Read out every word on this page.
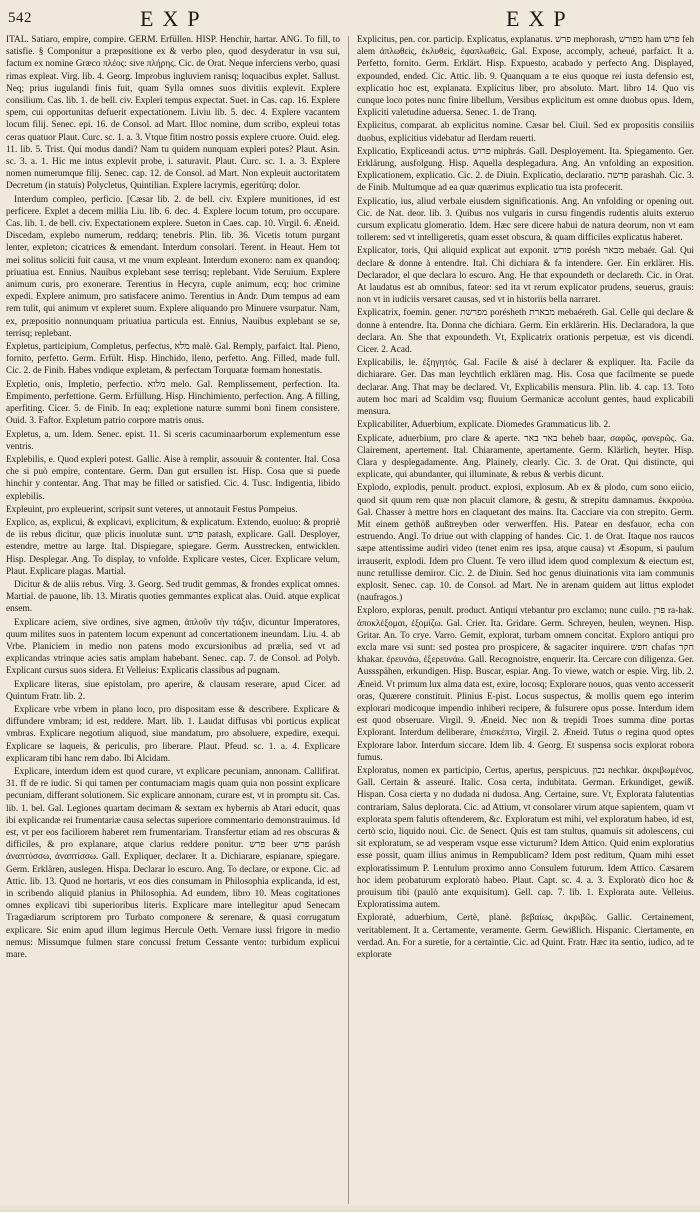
542	EXP	EXP

ITAL. Satiaro, empire, compire. GERM. Erfüllen. HISP. Henchir, hartar. ANG. To fill, to satisfie. § Componitur a præpositione ex & verbo pleo, quod desyderatur in vsu sui, factum ex nomine Græco πλέος: sive πλήρης. Cic. de Orat. Neque inferciens verbo, quasi rimas expleat. Virg. lib. 4. Georg. Improbus ingluviem ranisq; loquacibus explet. Sallust. Neq; prius iugulandi finis fuit, quam Sylla omnes suos divitiis explevit. Explere consilium. Cas. lib. 1. de bell. civ. Expleri tempus expectat. Suet. in Cas. cap. 16. Explere spem, cui opportunitas defuerit expectationem. Liviu lib. 5. dec. 4. Explere vacantem locum filij. Senec. epi. 16. de Consol. ad Mart. Illoc nomine, dum scribo, expleui totas ceras quatuor Plaut. Curc. sc. 1. a. 3. Vtque fitim nostro possis explere cruore. Ouid. eleg. 11. lib. 5. Trist. Qui modus dandi? Nam tu quidem nunquam expleri potes? Plaut. Asin. sc. 3. a. 1. Hic me intus explevit probe, i. saturavit. Plaut. Curc. sc. 1. a. 3. Explere nomen numerumque filij. Senec. cap. 12. de Consol. ad Mart. Non expleuit auctoritatem Decretum (in statuis) Polycletus, Quintilian. Explere lacrymis, egeritürq; dolor.

Interdum compleo, perficio. [Cæsar lib. 2. de bell. civ. Explere munitiones, id est perficere. Explet a decem millia Liu. lib. 6. dec. 4. Explere locum totum, pro occupare. Cas. lib. 1. de bell. civ. Expectationem explere. Sueton in Caes. cap. 10. Virgil. 6. Æneid. Discedam, explebo numerum, reddarq; tenebris. Plin. lib. 36. Vicetis totum purgant lenter, expleton; cicatrices & emendant. Interdum consolari. Terent. in Heaut. Hem tot mei solitus soliciti fuit causa, vt me vnum expleant. Interdum exonero: nam ex quandoq; priuatiua est. Ennius. Nauibus explebant sese terrisq; replebant. Vide Seruium. Explere animum curis, pro exonerare. Terentius in Hecyra, cuple animum, ecq; hoc crimine expedi. Explere animum, pro satisfacere animo. Terentius in Andr. Dum tempus ad eam rem tulit, qui animum vt expleret suum. Explere aliquando pro Minuere vsurpatur. Nam, ex, præpositio nonnunquam priuatiua particula est. Ennius, Nauibus explebant se se, terrisq; replebant.

Expletus, participium, Completus, perfectus, מלא malè. Gal. Remply, parfaict. Ital. Pieno, fornito, perfetto. Germ. Erfült. Hisp. Hinchido, lleno, perfetto. Ang. Filled, made full. Cic. 2. de Finib. Habes vndique expletam, & perfectam Torquatæ formam honestatis.

Expletio, onis, Impletio, perfectio. מלוא melo. Gal. Remplissement, perfection. Ita. Empimento, perfettione. Germ. Erfüllung. Hisp. Hinchimiento, perfection. Ang. A filling, aperfiting. Cicer. 5. de Finib. In eaq; expletione naturæ summi boni finem consistere. Ouid. 3. Faftor. Expletum patrio corpore matris onus.

Expletus, a, um. Idem. Senec. epist. 11. Si sceris cacuminaarborum explementum esse ventris.

Explebilis, e. Quod expleri potest. Gallic. Aise à remplir, assouuir & contenter. Ital. Cosa che si può empire, contentare. Germ. Dan gut ersullen ist. Hisp. Cosa que si puede hinchir y contentar. Ang. That may be filled or satisfied. Cic. 4. Tusc. Indigentia, libido explebilis.

Expleuint, pro expleuerint, scripsit sunt veteres, ut annotauit Festus Pompeius.

Explico, as, explicui, & explicavi, explicitum, & explicatum. Extendo, euoluo: & propriè de iis rebus dicitur, quæ plicis inuolutæ sunt. פרש patash, explicare. Gall. Desployer, estendre, mettre au large. Ital. Dispiegare, spiegare. Germ. Ausstrecken, entwicklen. Hisp. Desplegar. Ang. To display, to vnfolde. Explicare vestes, Cicer. Explicare velum, Plaut. Explicare plagas. Martial.

Dicitur & de aliis rebus. Virg. 3. Georg. Sed trudit gemmas, & frondes explicat omnes. Martial. de pauone, lib. 13. Miratis quoties gemmantes explicat alas. Ouid. atque explicat ensem.

Explicare aciem, sive ordines, sive agmen, ἀπλοῦν τὴν τάξιν, dicuntur Imperatores, quum milites suos in patentem locum expenunt ad concertationem ineundam. Liu. 4. ab Vrbe. Planiciem in medio non patens modo excursionibus ad prælia, sed vt ad explicandas vtrinque acies satis amplam habebant. Senec. cap. 7. de Consol. ad Polyb. Explicant cursus suos sidera. Et Velleius: Explicatis classibus ad pugnam.

Explicare literas, siue epistolam, pro aperire, & clausam reserare, apud Cicer. ad Quintum Fratr. lib. 2.

Explicare vrbe vrbem in plano loco, pro dispositam esse & describere. Explicare & diffundere vmbram; id est, reddere. Mart. lib. 1. Laudat diffusas vbi porticus explicat vmbras. Explicare negotium aliquod, siue mandatum, pro absoluere, expedire, exequi. Explicare se laqueis, & periculis, pro liberare. Plaut. Pfeud. sc. 1. a. 4. Explicare explicaram tibi hanc rem dabo. Ibi Alcidam.

Explicare, interdum idem est quod curare, vt explicare pecuniam, annonam. Callifirat. 31. ff de re iudic. Si qui tamen per contumaciam magis quam quia non possint explicare pecuniam, differant solutionem. Sic explicare annonam, curare est, vt in promptu sit. Cas. lib. 1. bel. Gal. Legiones quartam decimam & sextam ex hybernis ab Atari educit, quas ibi explicandæ rei frumentariæ causa selectas superiore commentario demonstrauimus. Id est, vt per eos faciliorem haberet rem frumentariam. Transfertur etiam ad res obscuras & difficiles, & pro explanare, atque clarius reddere ponitur. פרש beer פרש parásh ἀναπτύσσω, ἀναπτίσσω. Gall. Expliquer, declarer. It a. Dichiarare, espianare, spiegare. Germ. Erklären, auslegen. Hispa. Declarar lo escuro. Ang. To declare, or expone. Cic. ad Attic. lib. 13. Quod ne hortaris, vt eos dies consumam in Philosophia explicanda, id est, in scribendo aliquid planius in Philosophia. Ad eundem, libro 10. Meas cogitationes omnes explicavi tibi superioribus literis. Explicare mare intellegitur apud Senecam Tragædiarum scriptorem pro Turbato componere & serenare, & quasi corrugatum explicare. Sic enim apud illum legimus Hercule Oeth. Vernare iussi frigore in medio nemus: Missumque fulmen stare concussi fretum Cessante vento: turbidum explicui mare.

Explicitus, pen. cor. particip. Explicatus, explanatus. פרש mephorash, מפורש ham פרש feh alem ἀπλωθεὶς, ἐκλυθεὶς, ἐφαπλωθεὶς. Gal. Expose, accomply, acheué, parfaict. It a. Perfetto, fornito. Germ. Erklärt. Hisp. Expuesto, acabado y perfecto Ang. Displayed, expounded, ended. Cic. Attic. lib. 9. Quanquam a te eius quoque rei iusta defensio est, explicatio hoc est, explanata. Explicitus liber, pro absoluto. Mart. libro 14. Quo vis cunque loco potes nunc finire libellum, Versibus explicitum est omne duobus opus. Idem, Expliciti valetudine aduersa. Senec. 1. de Tranq.

Explicitus, comparat. ab explicitus nomine. Cæsar bel. Ciuil. Sed ex propositis consiliis duobus, explicitius videbatur ad Ilerdam reuerti.

Explicatio, Expliceandi actus. פרוש miphrás. Gall. Desployement. Ita. Spiegamento. Ger. Erklärung, ausfolgung. Hisp. Aquella desplegadura. Ang. An vnfolding an exposition. Explicationem, explicatio. Cic. 2. de Diuin. Explicatio, declaratio. פרשה parashah. Cic. 3. de Finib. Multumque ad ea quæ quærimus explicatio tua ista profecerit.

Explicatio, ius, aliud verbale eiusdem significationis. Ang. An vnfolding or opening out. Cic. de Nat. deor. lib. 3. Quibus nos vulgaris in cursu fingendis rudentis aluits exteruo cursum explicatu glomeratio. Idem. Hæc sere dicere habui de natura deorum, non vt eam tollerem: sed vt intelligeretis, quam esset obscura, & quam difficiles explicatus haberet.

Explicator, toris, Qui aliquid explicat aut exponit. פורש porésh מבאר mebaér. Gal. Qui declare & donne à entendre. Ital. Chi dichiara & fa intendere. Ger. Ein erklärer. His. Declarador, el que declara lo escuro. Ang. He that expoundeth or declareth. Cic. in Orat. At laudatus est ab omnibus, fateor: sed ita vt rerum explicator prudens, seuerus, grauis: non vt in iudiciis versaret causas, sed vt in historiis bella narraret.

Explicatrix, foemin. gener. מפרשת porésheth מבארת mebaéreth. Gal. Celle qui declare & donne à entendre. Ita. Donna che dichiara. Germ. Ein erklärerin. His. Declaradora, la que declara. An. She that expoundeth. Vt, Explicatrix orationis perpetuæ, est vis dicendi. Cicer. 2. Acad.

Explicabilis, le. ἐξηγητὸς. Gal. Facile & aisé à declarer & expliquer. Ita. Facile da dichiarare. Ger. Das man leychtlich erklären mag. His. Cosa que facilmente se puede declarar. Ang. That may be declared. Vt, Explicabilis mensura. Plin. lib. 4. cap. 13. Toto autem hoc mari ad Scaldim vsq; fluuium Germanicæ accolunt gentes, haud explicabili mensura.

Explicabiliter, Aduerbium, explicate. Diomedes Grammaticus lib. 2.

Explicate, aduerbium, pro clare & aperte. באר באר beheb baar, σαφῶς, φανερῶς. Ga. Clairement, apertement. Ital. Chiaramente, apertamente. Germ. Klärlich, heyter. Hisp. Clara y desplegadamente. Ang. Plainely, clearly. Cic. 3. de Orat. Qui distincte, qui explicate, qui abundanter, qui illuminate, & rebus & verbis dicunt.

Explodo, explodis, penult. product. explosi, explosum. Ab ex & plodo, cum sono eiicio, quod sit quum rem quæ non placuit clamore, & gestu, & strepitu damnamus. ἐκκρούω. Gal. Chasser à mettre hors en claquetant des mains. Ita. Cacciare via con strepito. Germ. Mit einem gethöß außtreyben oder verwerffen. His. Patear en desfauor, echa con estruendo. Angl. To driue out with clapping of handes. Cic. 1. de Orat. Itaque nos raucos sæpe attentissime audiri video (tenet enim res ipsa, atque causa) vt Æsopum, si paulum irrauserit, explodi. Idem pro Cluent. Te vero illud idem quod complexum & eiectum est, nunc retullisse demiror. Cic. 2. de Diuin. Sed hoc genus diuinationis vita iam communis explosit. Senec. cap. 10. de Consol. ad Mart. Ne in arenam quidem aut littus explodet (naufragos.)

Exploro, exploras, penult. product. Antiqui vtebantur pro exclamo; nunc cuilo. פרן ra-hak. ἀποκλέξομαι, ἐξομίζω. Gal. Crier. Ita. Gridare. Germ. Schreyen, heulen, weynen. Hisp. Gritar. An. To crye. Varro. Gemit, explorat, turbam omnem concitat. Exploro antiqui pro excla mare vsi sunt: sed postea pro prospicere, & sagaciter inquirere. חפש chafas חקר khakar. ἐρευνάω, ἐξερευνάω. Gall. Recognoistre, enquerir. Ita. Cercare con diligenza. Ger. Aussspähen, erkundigen. Hisp. Buscar, espiar. Ang. To viewe, watch or espie. Virg. lib. 2. Æneid. Vt primum lux alma data est, exire, locosq; Explorare nouos, quas vento accesserit oras, Quærere constituit. Plinius E-pist. Locus suspectus, & mollis quem ego interim explorari modicoque impendio inhiberi recipere, & fulsurere opus posse. Interdum idem est quod obseruare. Virgil. 9. Æneid. Nec non & trepidi Troes summa dine portas Explorant. Interdum deliberare, ἐπισκέπτω, Virgil. 2. Æneid. Tutus o regina quod optes Explorare labor. Interdum siccare. Idem lib. 4. Georg. Et suspensa socis explorat robora fumus.

Exploratus, nomen ex participio, Certus, apertus, perspicuus. נכון nechkar. ἀκριβωμένος. Gall. Certain & asseuré. Italic. Cosa certa, indubitata. German. Erkundiget, gewiß. Hispan. Cosa cierta y no dudada ni dudosa. Ang. Certaine, sure. Vt, Explorata falutentias contrariam, Salus deplorata. Cic. ad Attium, vt consolarer virum atque sapientem, quam vt explorata spem falutis oftenderem, &c. Exploratum est mihi, vel exploratum habeo, id est, certò scio, liquido noui. Cic. de Senect. Quis est tam stultus, quamuis sit adolescens, cui sit exploratum, se ad vesperam vsque esse victurum? Idem Attico. Quid enim exploratius esse possit, quam illius animus in Rempublicam? Idem post reditum, Quam mihi esset exploratissimum P. Lentulum proximo anno Consulem futurum. Idem Attico. Cæsarem hoc idem probaturum exploratò habeo. Plaut. Capt. sc. 4. a. 3. Exploratò dico hoc & prouisum tibi (paulò ante exquisitum). Gell. cap. 7. lib. 1. Explorata aute. Velleius. Exploratissima autem.

Exploratè, aduerbium, Certè, planè. βεβαίως, ἀκριβῶς. Gallic. Certainement, veritablement. It a. Certamente, veramente. Germ. Gewißlich. Hispanic. Ciertamente, en verdad. An. For a suretie, for a certaintie. Cic. ad Quint. Fratr. Hæc ita sentio, iudico, ad te explorate
